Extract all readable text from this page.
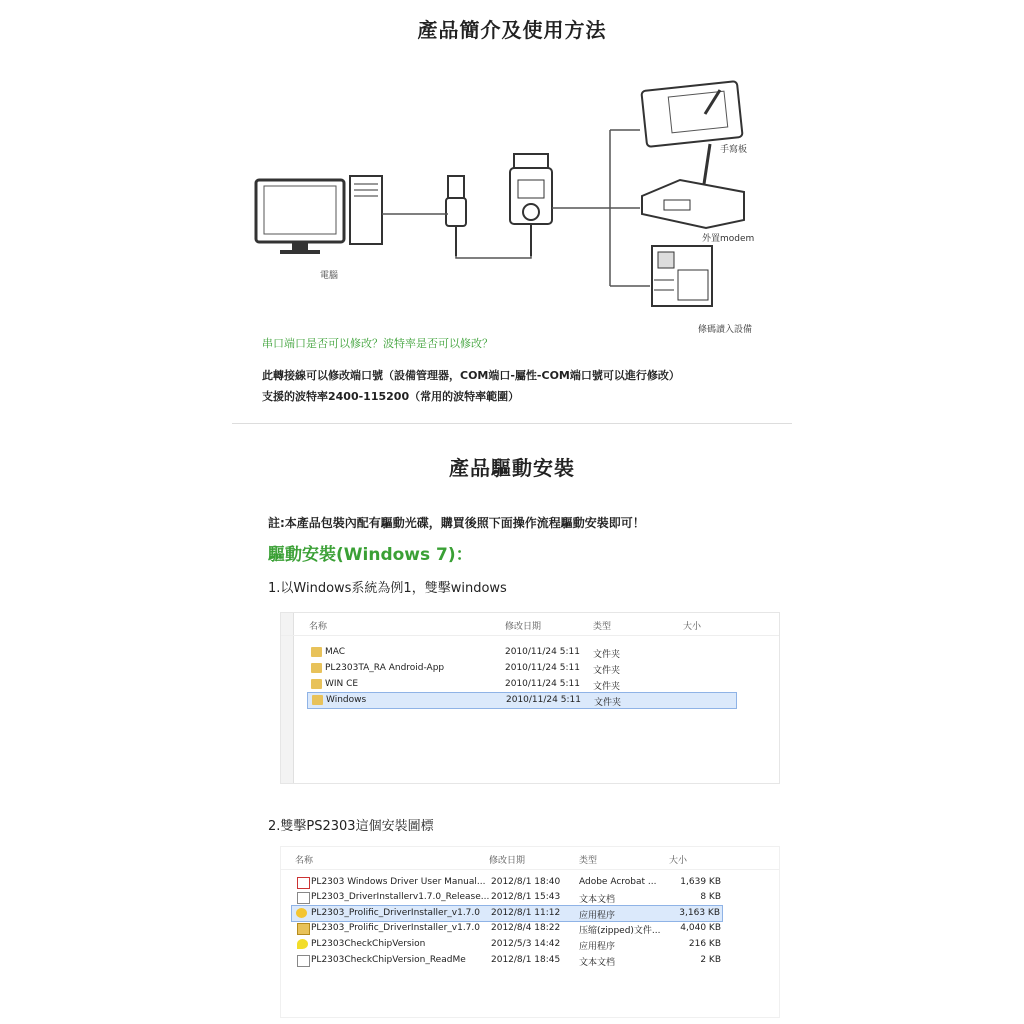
產品簡介及使用方法
電腦
手寫板
外置modem
條碼讀入設備
串口端口是否可以修改？波特率是否可以修改？
此轉接線可以修改端口號（設備管理器，COM端口-屬性-COM端口號可以進行修改）
支援的波特率2400-115200（常用的波特率範圍）
產品驅動安裝
註:本產品包裝內配有驅動光碟，購買後照下面操作流程驅動安裝即可！
驅動安裝(Windows 7)：
1.以Windows系統為例1，雙擊windows
名称	修改日期	类型	大小
MAC	2010/11/24 5:11 文件夹
PL2303TA_RA Android-App	2010/11/24 5:11 文件夹
WIN CE	2010/11/24 5:11 文件夹
Windows	2010/11/24 5:11 文件夹
2.雙擊PS2303這個安裝圖標
名称	修改日期	类型	大小
PL2303 Windows Driver User Manual... 2012/8/1 18:40 Adobe Acrobat ...	1,639 KB
PL2303_DriverInstallerv1.7.0_Release... 2012/8/1 15:43 文本文档	8 KB
PL2303_Prolific_DriverInstaller_v1.7.0 2012/8/1 11:12 应用程序	3,163 KB
PL2303_Prolific_DriverInstaller_v1.7.0 2012/8/4 18:22 压缩(zipped)文件... 4,040 KB
PL2303CheckChipVersion	2012/5/3 14:42 应用程序	216 KB
PL2303CheckChipVersion_ReadMe	2012/8/1 18:45 文本文档	2 KB
